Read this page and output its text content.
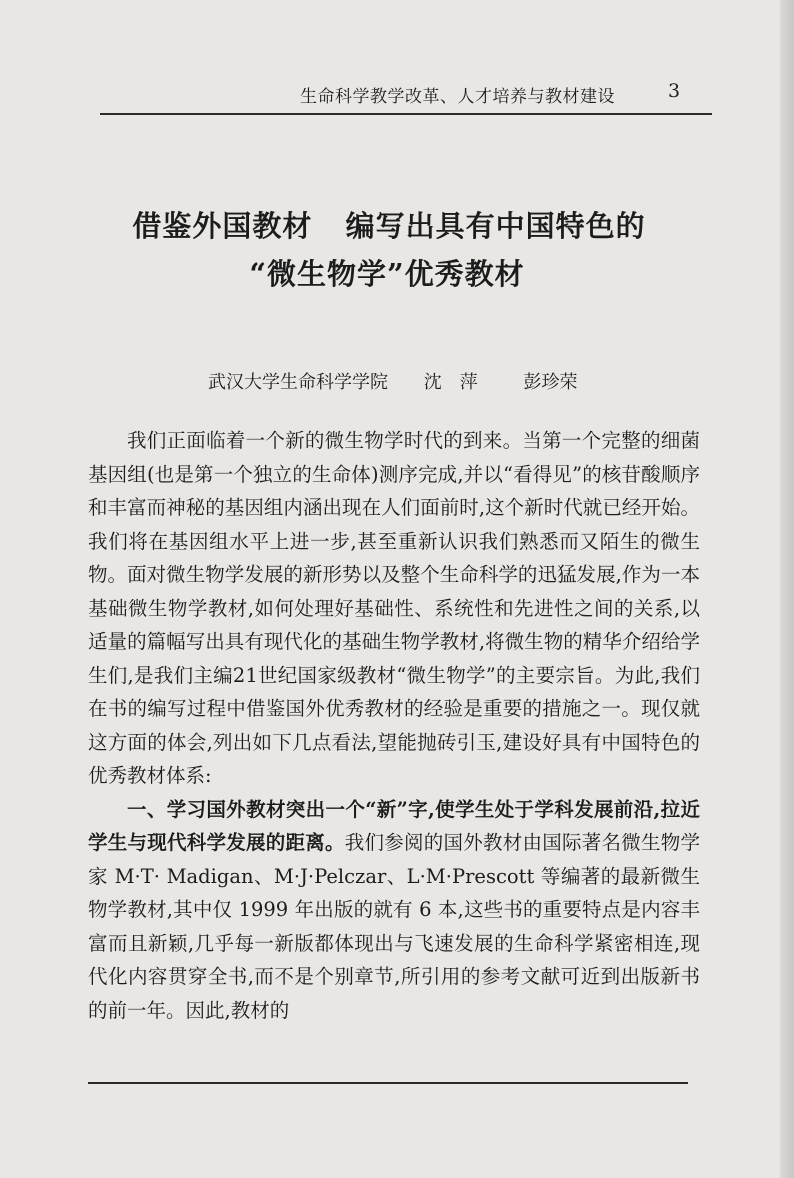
生命科学教学改革、人才培养与教材建设	3
借鉴外国教材   编写出具有中国特色的
“微生物学”优秀教材
武汉大学生命科学学院 沈　萍	彭珍荣

我们正面临着一个新的微生物学时代的到来。当第一个完整的细菌基因组(也是第一个独立的生命体)测序完成,并以“看得见”的核苷酸顺序和丰富而神秘的基因组内涵出现在人们面前时,这个新时代就已经开始。我们将在基因组水平上进一步,甚至重新认识我们熟悉而又陌生的微生物。面对微生物学发展的新形势以及整个生命科学的迅猛发展,作为一本基础微生物学教材,如何处理好基础性、系统性和先进性之间的关系,以适量的篇幅写出具有现代化的基础生物学教材,将微生物的精华介绍给学生们,是我们主编21世纪国家级教材“微生物学”的主要宗旨。为此,我们在书的编写过程中借鉴国外优秀教材的经验是重要的措施之一。现仅就这方面的体会,列出如下几点看法,望能抛砖引玉,建设好具有中国特色的优秀教材体系:

一、学习国外教材突出一个“新”字,使学生处于学科发展前沿,拉近学生与现代科学发展的距离。我们参阅的国外教材由国际著名微生物学家 M·T· Madigan、M·J·Pelczar、L·M·Prescott 等编著的最新微生物学教材,其中仅 1999 年出版的就有 6 本,这些书的重要特点是内容丰富而且新颖,几乎每一新版都体现出与飞速发展的生命科学紧密相连,现代化内容贯穿全书,而不是个别章节,所引用的参考文献可近到出版新书的前一年。因此,教材的
